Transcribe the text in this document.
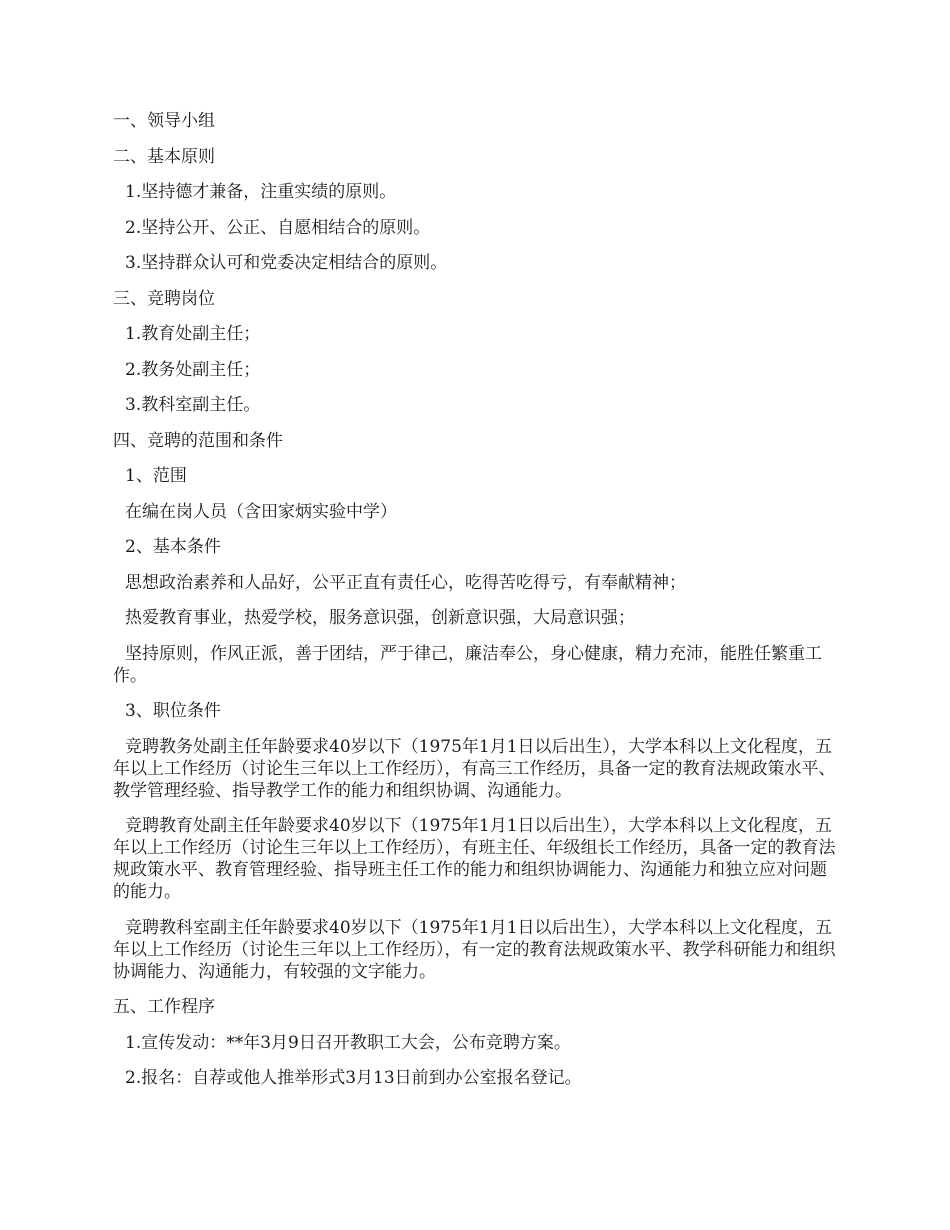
一、领导小组

二、基本原则

1.坚持德才兼备，注重实绩的原则。

2.坚持公开、公正、自愿相结合的原则。

3.坚持群众认可和党委决定相结合的原则。

三、竞聘岗位

1.教育处副主任；

2.教务处副主任；

3.教科室副主任。

四、竞聘的范围和条件

1、范围

在编在岗人员（含田家炳实验中学）

2、基本条件

思想政治素养和人品好，公平正直有责任心，吃得苦吃得亏，有奉献精神；

热爱教育事业，热爱学校，服务意识强，创新意识强，大局意识强；

坚持原则，作风正派，善于团结，严于律己，廉洁奉公，身心健康，精力充沛，能胜任繁重工作。

3、职位条件

竞聘教务处副主任年龄要求40岁以下（1975年1月1日以后出生），大学本科以上文化程度，五年以上工作经历（讨论生三年以上工作经历），有高三工作经历，具备一定的教育法规政策水平、教学管理经验、指导教学工作的能力和组织协调、沟通能力。

竞聘教育处副主任年龄要求40岁以下（1975年1月1日以后出生），大学本科以上文化程度，五年以上工作经历（讨论生三年以上工作经历），有班主任、年级组长工作经历，具备一定的教育法规政策水平、教育管理经验、指导班主任工作的能力和组织协调能力、沟通能力和独立应对问题的能力。

竞聘教科室副主任年龄要求40岁以下（1975年1月1日以后出生），大学本科以上文化程度，五年以上工作经历（讨论生三年以上工作经历），有一定的教育法规政策水平、教学科研能力和组织协调能力、沟通能力，有较强的文字能力。

五、工作程序

1.宣传发动：**年3月9日召开教职工大会，公布竞聘方案。

2.报名：自荐或他人推举形式3月13日前到办公室报名登记。
